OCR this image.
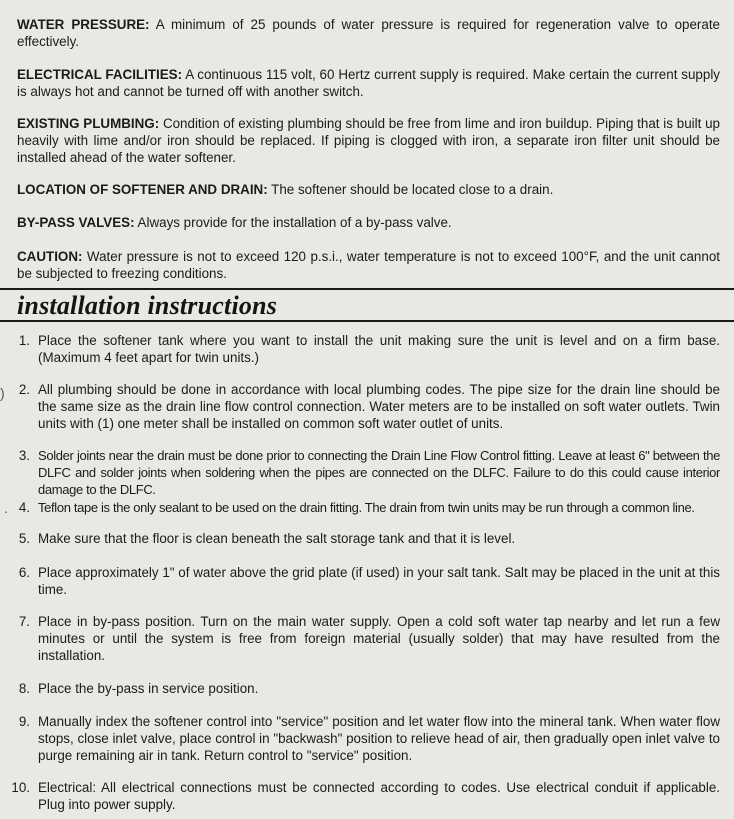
WATER PRESSURE: A minimum of 25 pounds of water pressure is required for regeneration valve to operate effectively.
ELECTRICAL FACILITIES: A continuous 115 volt, 60 Hertz current supply is required. Make certain the current supply is always hot and cannot be turned off with another switch.
EXISTING PLUMBING: Condition of existing plumbing should be free from lime and iron buildup. Piping that is built up heavily with lime and/or iron should be replaced. If piping is clogged with iron, a separate iron filter unit should be installed ahead of the water softener.
LOCATION OF SOFTENER AND DRAIN: The softener should be located close to a drain.
BY-PASS VALVES: Always provide for the installation of a by-pass valve.
CAUTION: Water pressure is not to exceed 120 p.s.i., water temperature is not to exceed 100°F, and the unit cannot be subjected to freezing conditions.
installation instructions
1. Place the softener tank where you want to install the unit making sure the unit is level and on a firm base. (Maximum 4 feet apart for twin units.)
2. All plumbing should be done in accordance with local plumbing codes. The pipe size for the drain line should be the same size as the drain line flow control connection. Water meters are to be installed on soft water outlets. Twin units with (1) one meter shall be installed on common soft water outlet of units.
3. Solder joints near the drain must be done prior to connecting the Drain Line Flow Control fitting. Leave at least 6" between the DLFC and solder joints when soldering when the pipes are connected on the DLFC. Failure to do this could cause interior damage to the DLFC.
4. Teflon tape is the only sealant to be used on the drain fitting. The drain from twin units may be run through a common line.
5. Make sure that the floor is clean beneath the salt storage tank and that it is level.
6. Place approximately 1" of water above the grid plate (if used) in your salt tank. Salt may be placed in the unit at this time.
7. Place in by-pass position. Turn on the main water supply. Open a cold soft water tap nearby and let run a few minutes or until the system is free from foreign material (usually solder) that may have resulted from the installation.
8. Place the by-pass in service position.
9. Manually index the softener control into "service" position and let water flow into the mineral tank. When water flow stops, close inlet valve, place control in "backwash" position to relieve head of air, then gradually open inlet valve to purge remaining air in tank. Return control to "service" position.
10. Electrical: All electrical connections must be connected according to codes. Use electrical conduit if applicable. Plug into power supply.
)
.
